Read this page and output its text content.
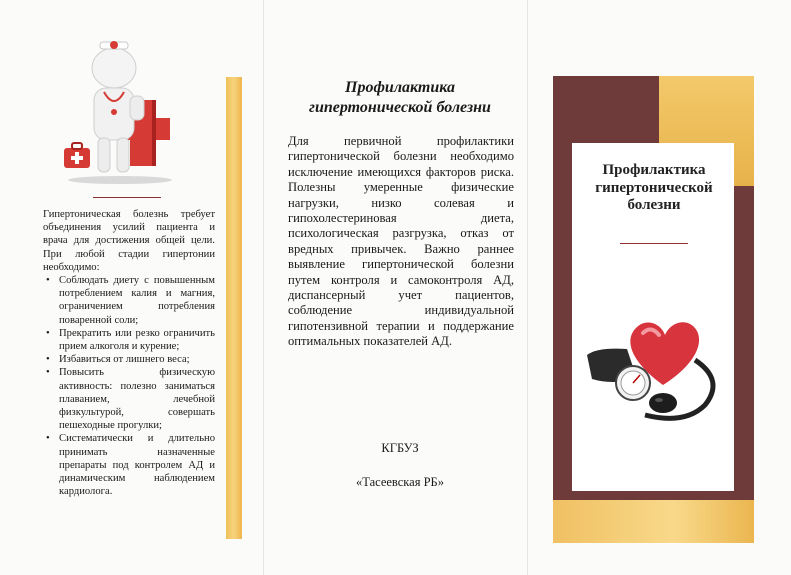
Гипертоническая болезнь требует объединения усилий пациента и врача для достижения общей цели. При любой стадии гипертонии необходимо:

• Соблюдать диету с повышенным потреблением калия и магния, ограничением потребления поваренной соли;
• Прекратить или резко ограничить прием алкоголя и курение;
• Избавиться от лишнего веса;
• Повысить физическую активность: полезно заниматься плаванием, лечебной физкультурой, совершать пешеходные прогулки;
• Систематически и длительно принимать назначенные препараты под контролем АД и динамическим наблюдением кардиолога.
Профилактика гипертонической болезни
Для первичной профилактики гипертонической болезни необходимо исключение имеющихся факторов риска. Полезны умеренные физические нагрузки, низко солевая и гипохолестериновая диета, психологическая разгрузка, отказ от вредных привычек. Важно раннее выявление гипертонической болезни путем контроля и самоконтроля АД, диспансерный учет пациентов, соблюдение индивидуальной гипотензивной терапии и поддержание оптимальных показателей АД.
КГБУЗ
«Тасеевская РБ»
Профилактика гипертонической болезни
